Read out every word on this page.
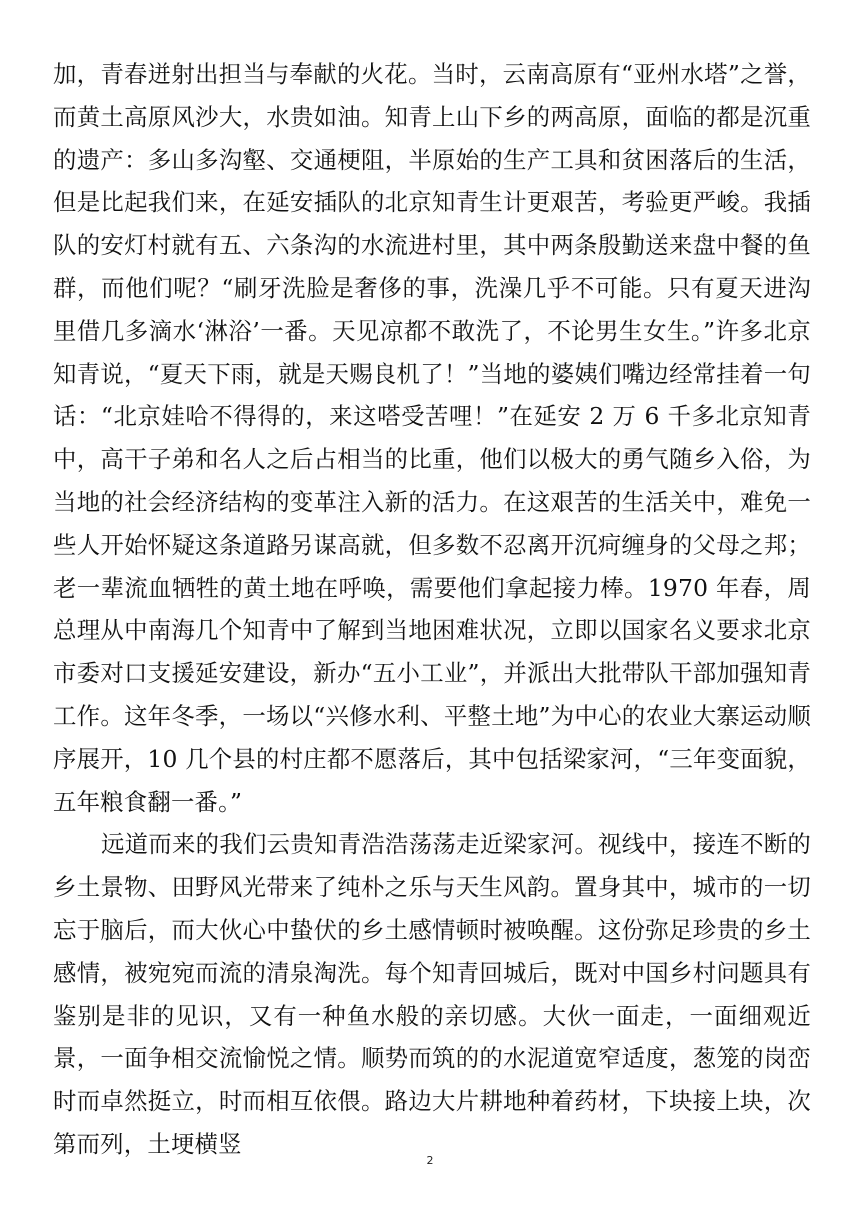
加，青春迸射出担当与奉献的火花。当时，云南高原有“亚州水塔”之誉，而黄土高原风沙大，水贵如油。知青上山下乡的两高原，面临的都是沉重的遗产：多山多沟壑、交通梗阻，半原始的生产工具和贫困落后的生活，但是比起我们来，在延安插队的北京知青生计更艰苦，考验更严峻。我插队的安灯村就有五、六条沟的水流进村里，其中两条殷勤送来盘中餐的鱼群，而他们呢？“刷牙洗脸是奢侈的事，洗澡几乎不可能。只有夏天进沟里借几多滴水‘淋浴’一番。天见凉都不敢洗了，不论男生女生。”许多北京知青说，“夏天下雨，就是天赐良机了！”当地的婆姨们嘴边经常挂着一句话：“北京娃哈不得得的，来这嗒受苦哩！”在延安 2 万 6 千多北京知青中，高干子弟和名人之后占相当的比重，他们以极大的勇气随乡入俗，为当地的社会经济结构的变革注入新的活力。在这艰苦的生活关中，难免一些人开始怀疑这条道路另谋高就，但多数不忍离开沉疴缠身的父母之邦；老一辈流血牺牲的黄土地在呼唤，需要他们拿起接力棒。1970 年春，周总理从中南海几个知青中了解到当地困难状况，立即以国家名义要求北京市委对口支援延安建设，新办“五小工业”，并派出大批带队干部加强知青工作。这年冬季，一场以“兴修水利、平整土地”为中心的农业大寨运动顺序展开，10 几个县的村庄都不愿落后，其中包括梁家河，“三年变面貌，五年粮食翻一番。”

远道而来的我们云贵知青浩浩荡荡走近梁家河。视线中，接连不断的乡土景物、田野风光带来了纯朴之乐与天生风韵。置身其中，城市的一切忘于脑后，而大伙心中蛰伏的乡土感情顿时被唤醒。这份弥足珍贵的乡土感情，被宛宛而流的清泉淘洗。每个知青回城后，既对中国乡村问题具有鉴别是非的见识，又有一种鱼水般的亲切感。大伙一面走，一面细观近景，一面争相交流愉悦之情。顺势而筑的的水泥道宽窄适度，葱笼的岗峦时而卓然挺立，时而相互依偎。路边大片耕地种着药材，下块接上块，次第而列，土埂横竖

2
